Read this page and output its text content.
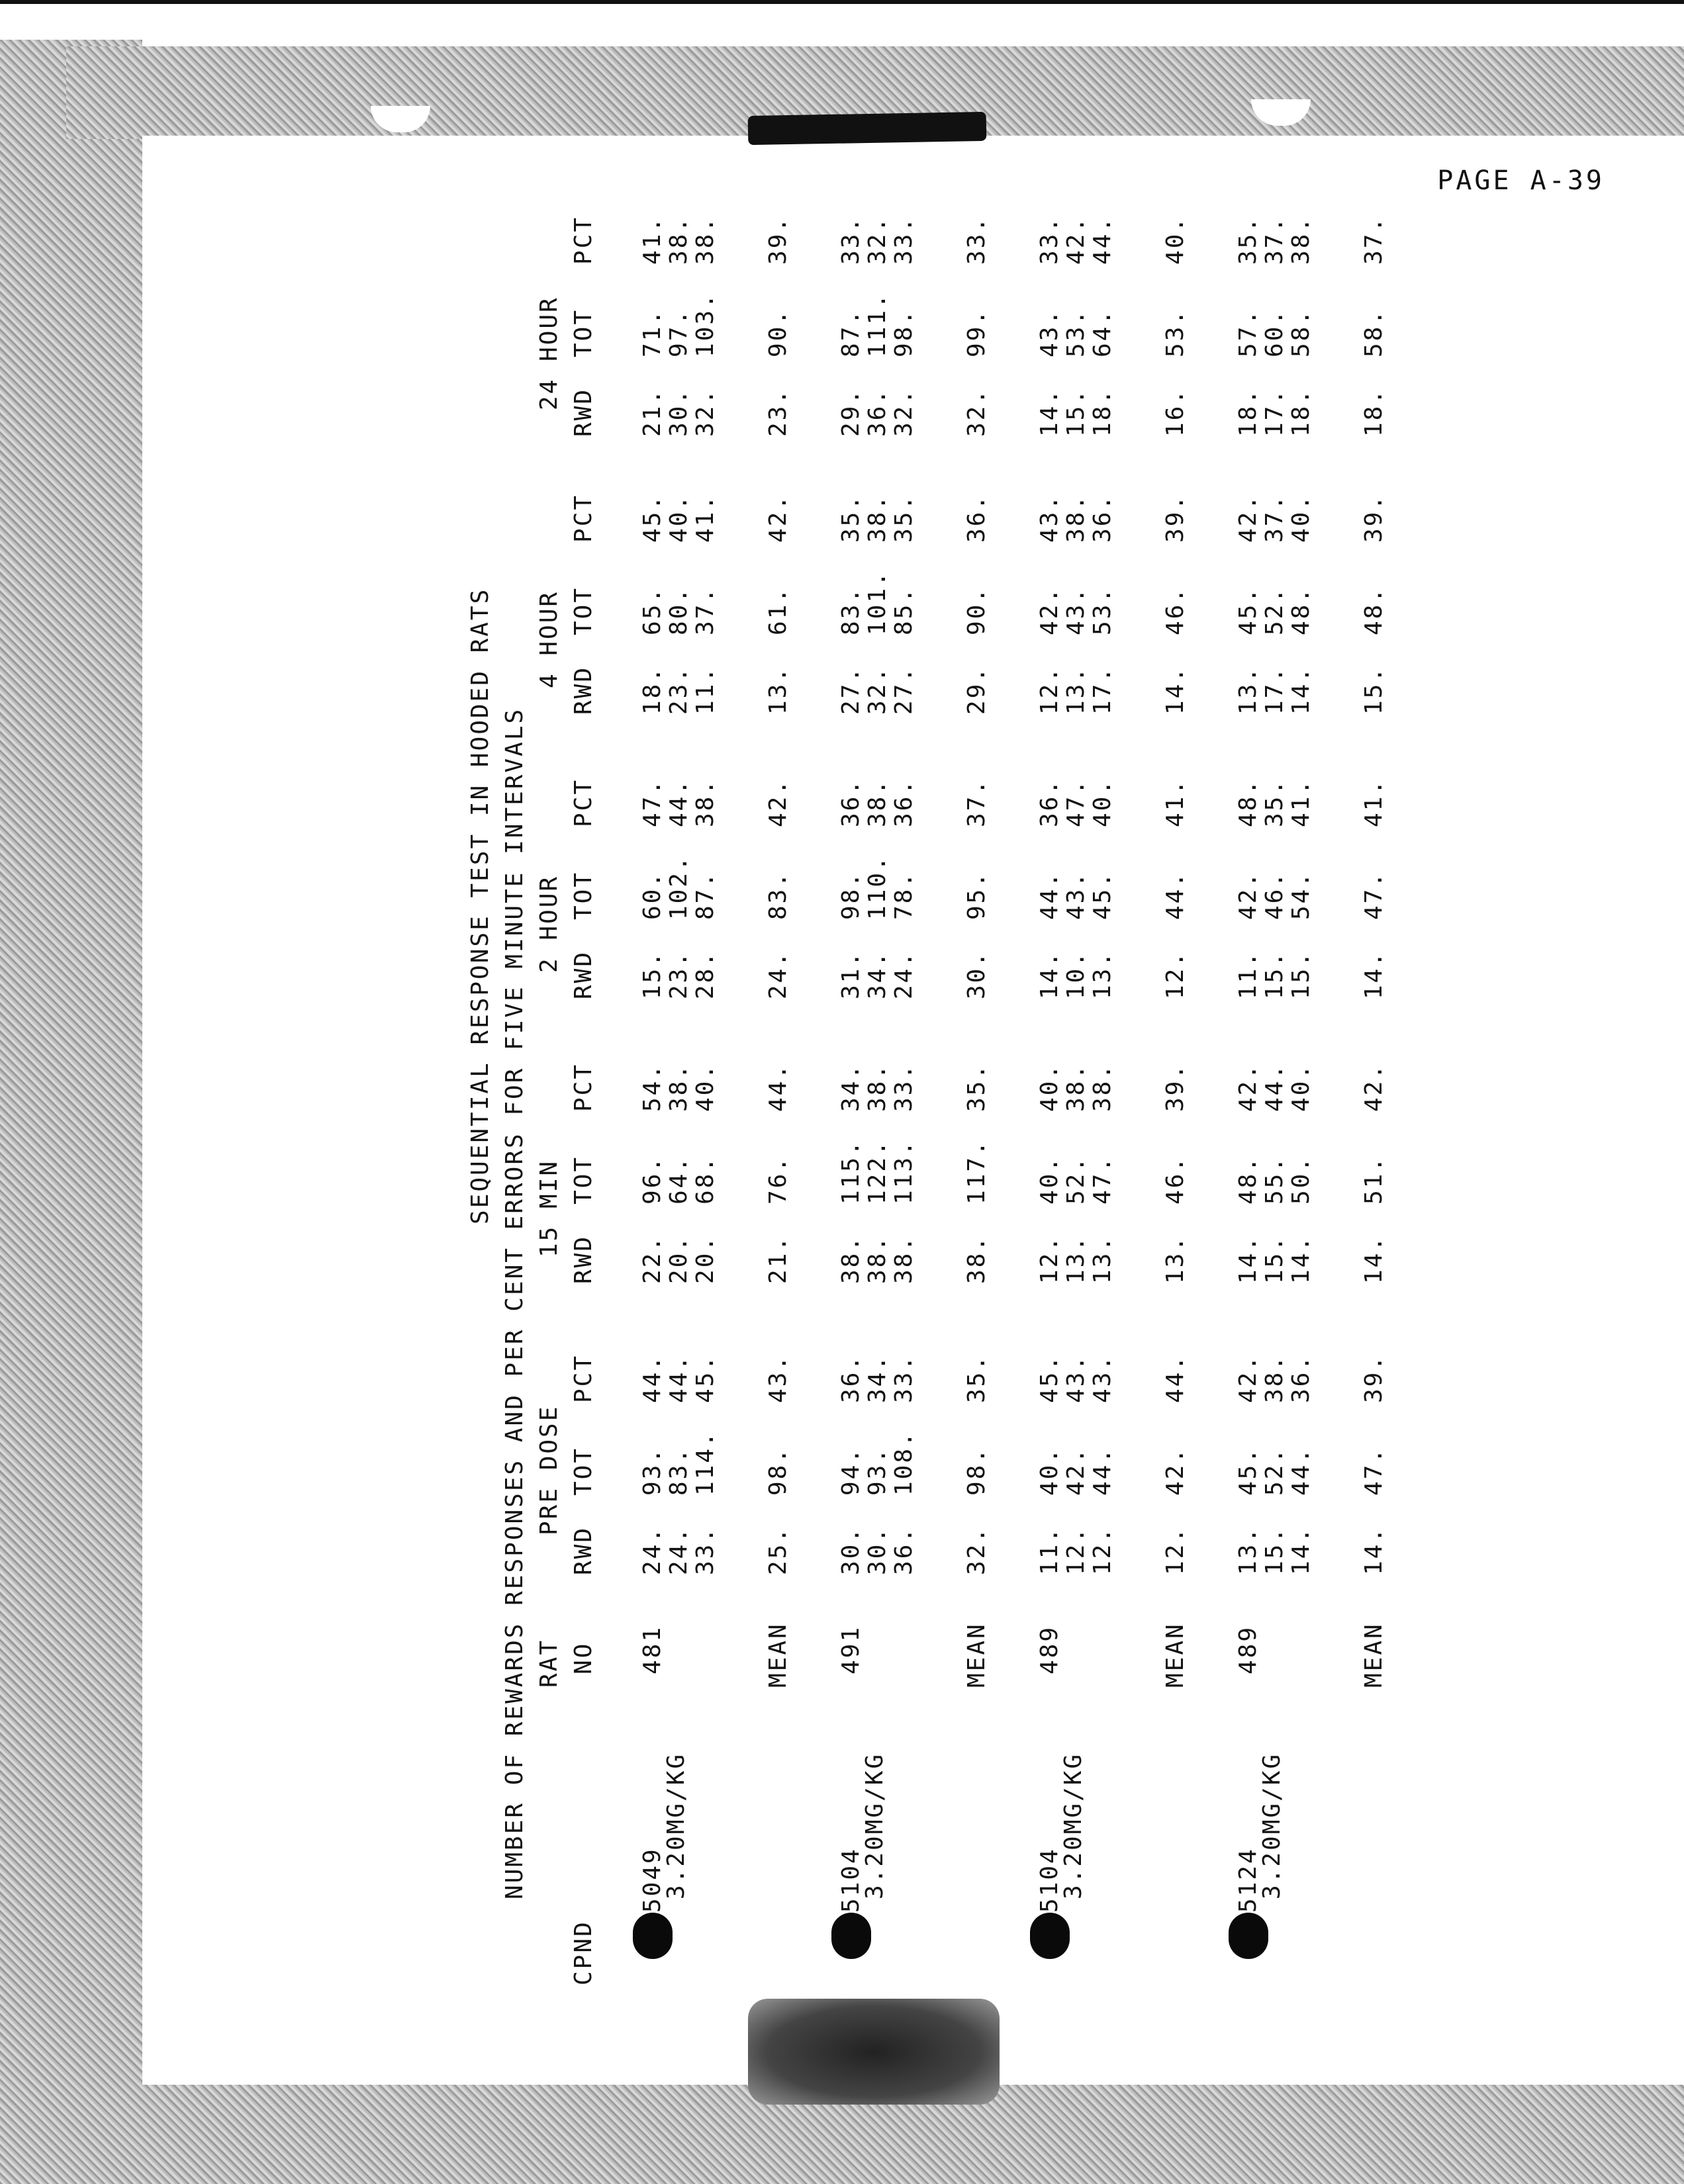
PAGE A-39
SEQUENTIAL RESPONSE TEST IN HOODED RATS NUMBER OF REWARDS RESPONSES AND PER CENT ERRORS FOR FIVE MINUTE INTERVALS
CPND
RAT NO
PRE DOSE
15 MIN
2 HOUR
4 HOUR
24 HOUR
RWD
TOT
PCT
RWD
TOT
PCT
RWD
TOT
PCT
RWD
TOT
PCT
RWD
TOT
PCT
5049
3.20MG/KG
481
24.
93.
44.
22.
96.
54.
15.
60.
47.
18.
65.
45.
21.
71.
41.
24.
83.
44.
20.
64.
38.
23.
102.
44.
23.
80.
40.
30.
97.
38.
33.
114.
45.
20.
68.
40.
28.
87.
38.
11.
37.
41.
32.
103.
38.
MEAN
25.
98.
43.
21.
76.
44.
24.
83.
42.
13.
61.
42.
23.
90.
39.
5104
3.20MG/KG
491
30.
94.
36.
38.
115.
34.
31.
98.
36.
27.
83.
35.
29.
87.
33.
30.
93.
34.
38.
122.
38.
34.
110.
38.
32.
101.
38.
36.
111.
32.
36.
108.
33.
38.
113.
33.
24.
78.
36.
27.
85.
35.
32.
98.
33.
MEAN
32.
98.
35.
38.
117.
35.
30.
95.
37.
29.
90.
36.
32.
99.
33.
5104
3.20MG/KG
489
11.
40.
45.
12.
40.
40.
14.
44.
36.
12.
42.
43.
14.
43.
33.
12.
42.
43.
13.
52.
38.
10.
43.
47.
13.
43.
38.
15.
53.
42.
12.
44.
43.
13.
47.
38.
13.
45.
40.
17.
53.
36.
18.
64.
44.
MEAN
12.
42.
44.
13.
46.
39.
12.
44.
41.
14.
46.
39.
16.
53.
40.
5124
3.20MG/KG
489
13.
45.
42.
14.
48.
42.
11.
42.
48.
13.
45.
42.
18.
57.
35.
15.
52.
38.
15.
55.
44.
15.
46.
35.
17.
52.
37.
17.
60.
37.
14.
44.
36.
14.
50.
40.
15.
54.
41.
14.
48.
40.
18.
58.
38.
MEAN
14.
47.
39.
14.
51.
42.
14.
47.
41.
15.
48.
39.
18.
58.
37.
